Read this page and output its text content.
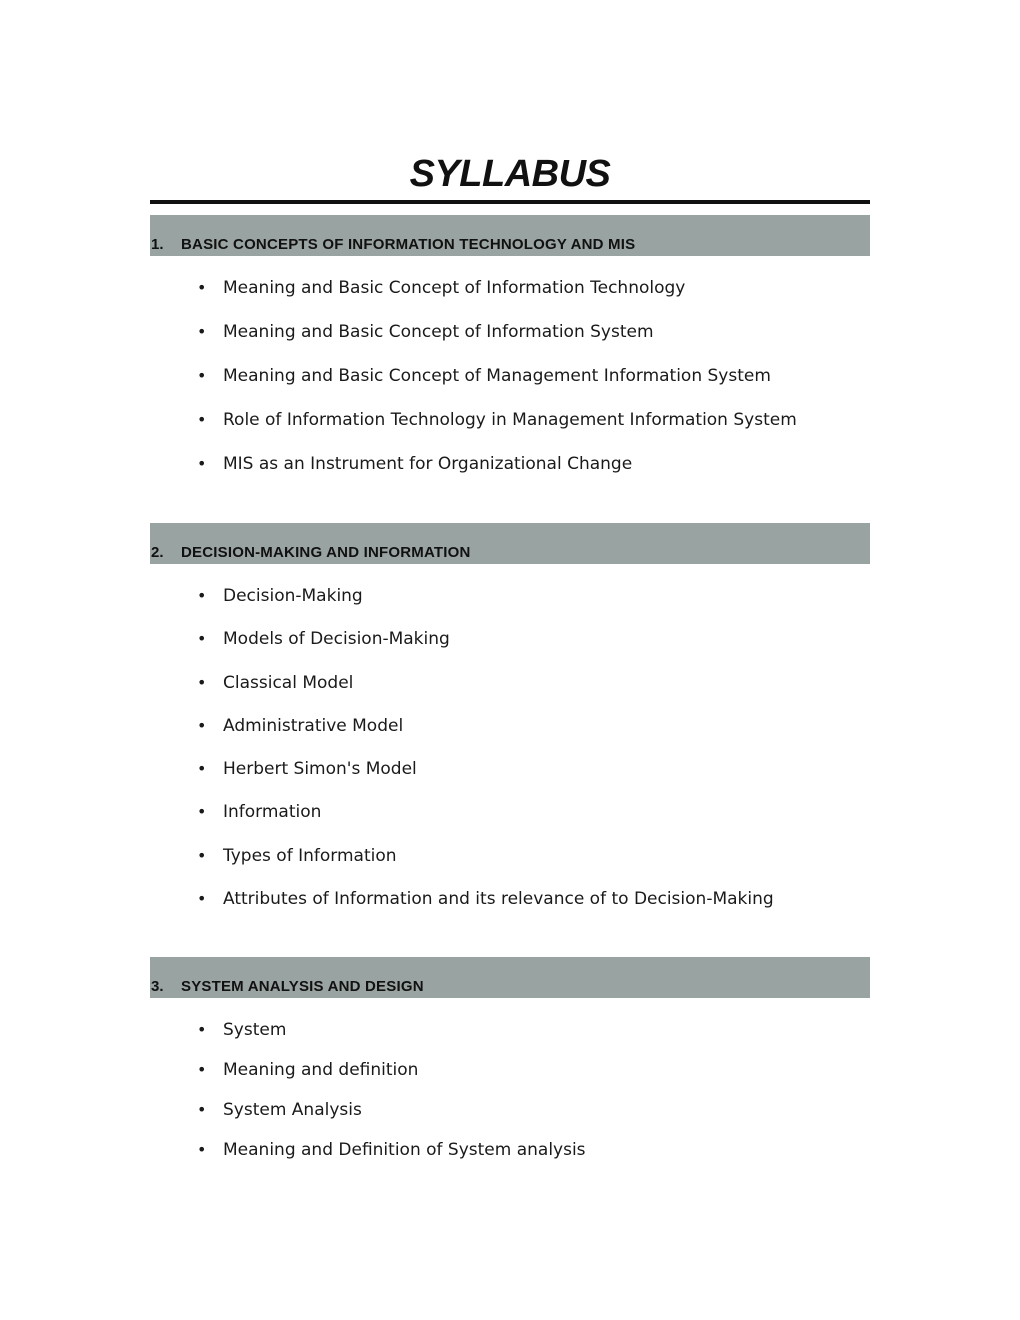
SYLLABUS
1. BASIC CONCEPTS OF INFORMATION TECHNOLOGY AND MIS
• Meaning and Basic Concept of Information Technology
• Meaning and Basic Concept of Information System
• Meaning and Basic Concept of Management Information System
• Role of Information Technology in Management Information System
• MIS as an Instrument for Organizational Change
2. DECISION-MAKING AND INFORMATION
• Decision-Making
• Models of Decision-Making
• Classical Model
• Administrative Model
• Herbert Simon's Model
• Information
• Types of Information
• Attributes of Information and its relevance of to Decision-Making
3. SYSTEM ANALYSIS AND DESIGN
• System
• Meaning and definition
• System Analysis
• Meaning and Definition of System analysis
